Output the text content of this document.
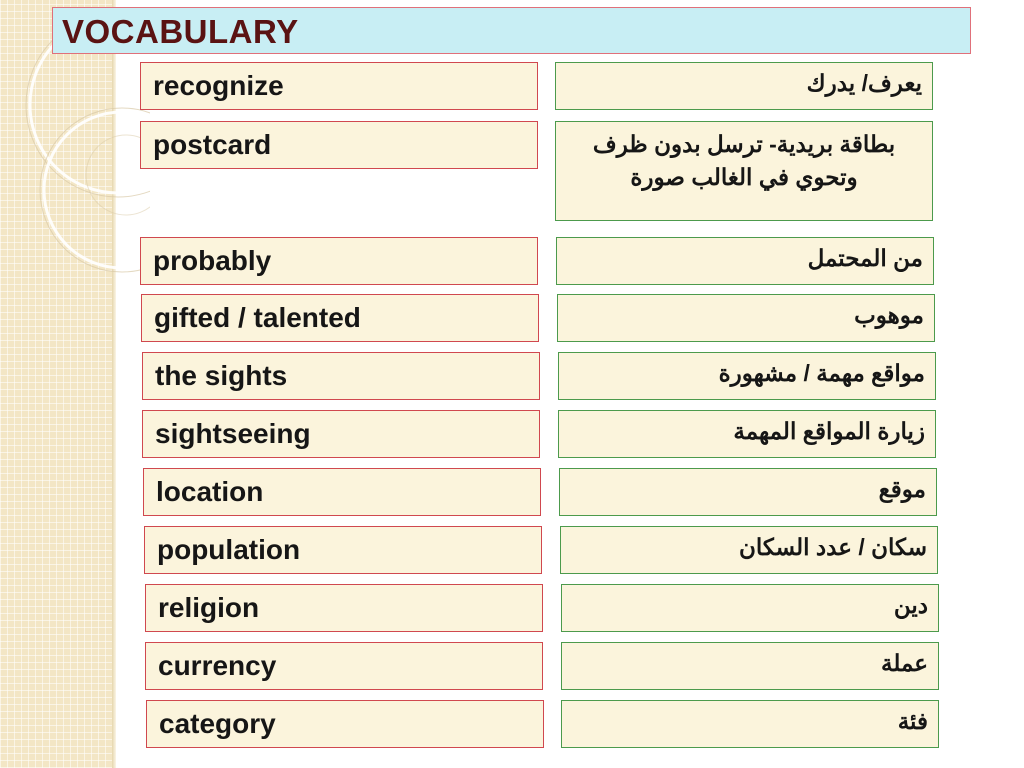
VOCABULARY
recognize	يعرف/ يدرك
postcard	بطاقة بريدية- ترسل بدون ظرف وتحوي في الغالب صورة
probably	من المحتمل
gifted / talented	موهوب
the sights	مواقع مهمة / مشهورة
sightseeing	زيارة المواقع المهمة
location	موقع
population	سكان / عدد السكان
religion	دين
currency	عملة
category	فئة
